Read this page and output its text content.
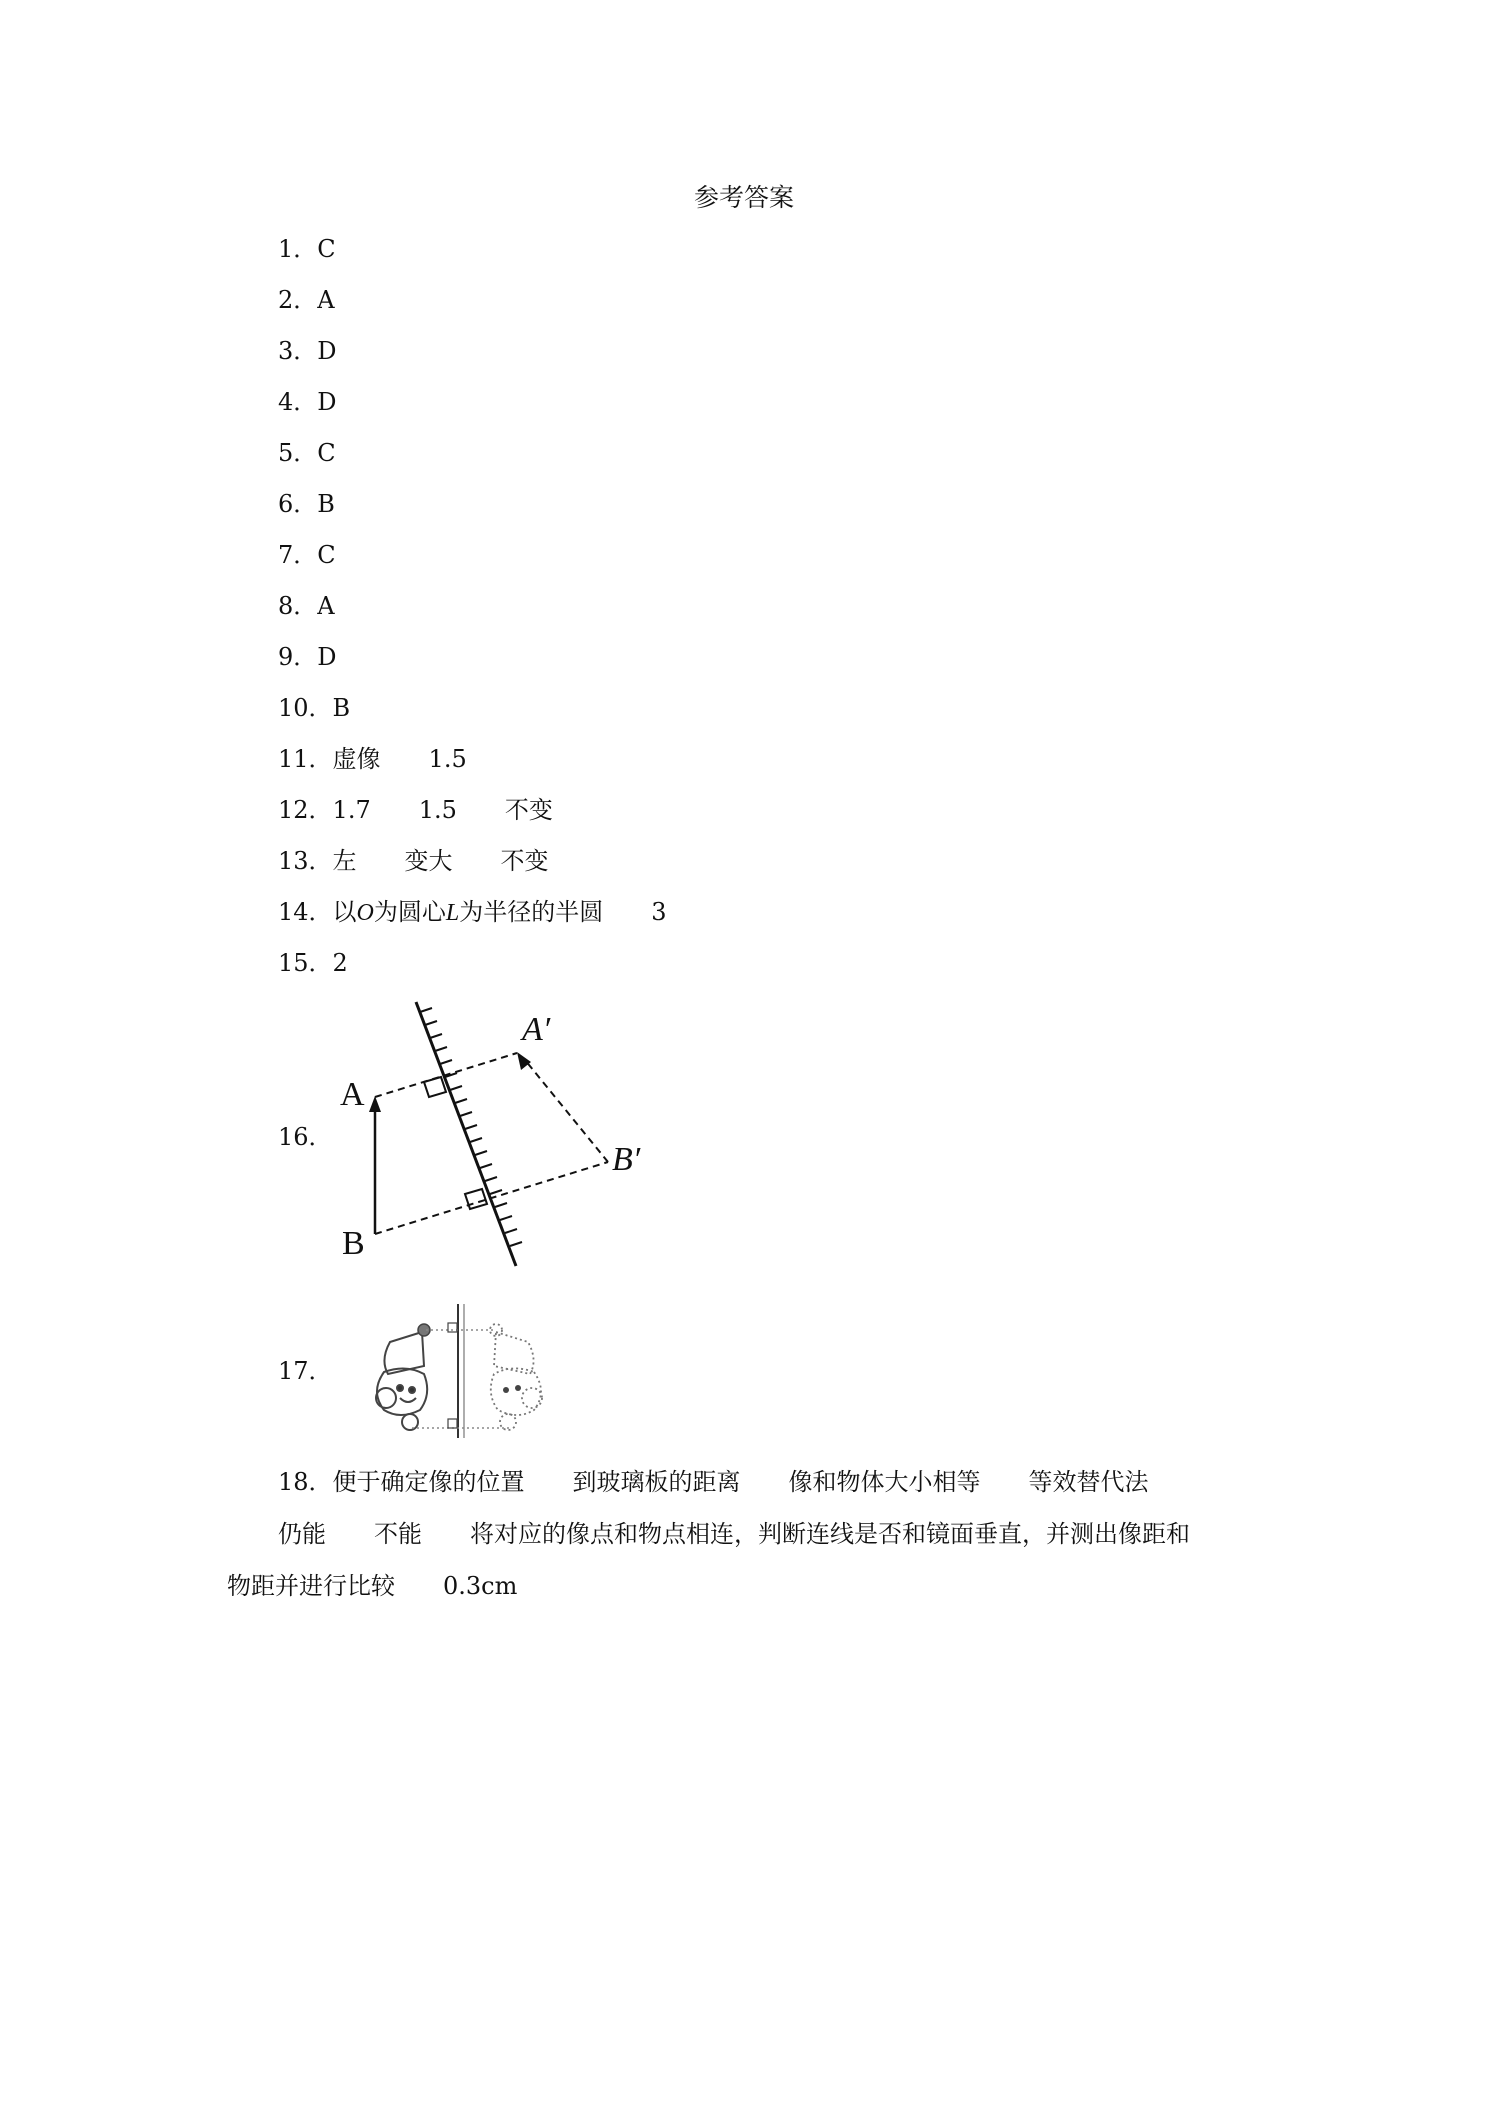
参考答案
1．C
2．A
3．D
4．D
5．C
6．B
7．C
8．A
9．D
10．B
11．虚像 1.5
12．1.7 1.5 不变
13．左 变大 不变
14．以O为圆心L为半径的半圆 3
15．2
16．
A
B
A′
B′
17．
18．便于确定像的位置 到玻璃板的距离 像和物体大小相等 等效替代法
仍能 不能 将对应的像点和物点相连，判断连线是否和镜面垂直，并测出像距和
物距并进行比较 0.3cm
